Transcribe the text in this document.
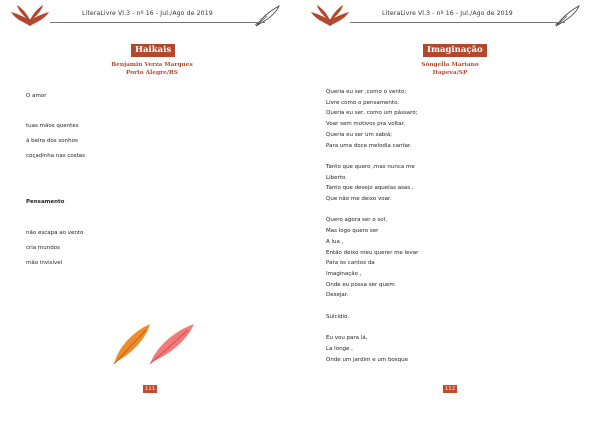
LiteraLivre Vl.3 - nº 16 - Jul./Ago de 2019
Haikais
Benjamin Verza Marques
Porto Alegre/RS
O amor
tuas mãos quentes
à beira dos sonhos
coçadinha nas costas
Pensamento
não escapa ao vento
cria mundos
mão invisível
111
LiteraLivre Vl.3 - nº 16 - Jul./Ago de 2019
Imaginação
Sóngella Mariano
Itapeva/SP
Queria eu ser ,como o vento;
Livre como o pensamento.
Queria eu ser, como um pássaro;
Voar sem motivos pra voltar.
Queria eu ser um sabiá;
Para uma doce melodia cantar.
Tanto que quero ,mas nunca me
Liberto.
Tanto que desejo aquelas asas ,
Que não me deixo voar.
Quero agora ser o sol,
Mas logo quero ser
A lua ,
Então deixo meu querer me levar
Para os cantos da
Imaginação ,
Onde eu possa ser quem
Desejar.
Suicídio.
Eu vou para lá,
La longe ,
Onde um jardim e um bosque
112
